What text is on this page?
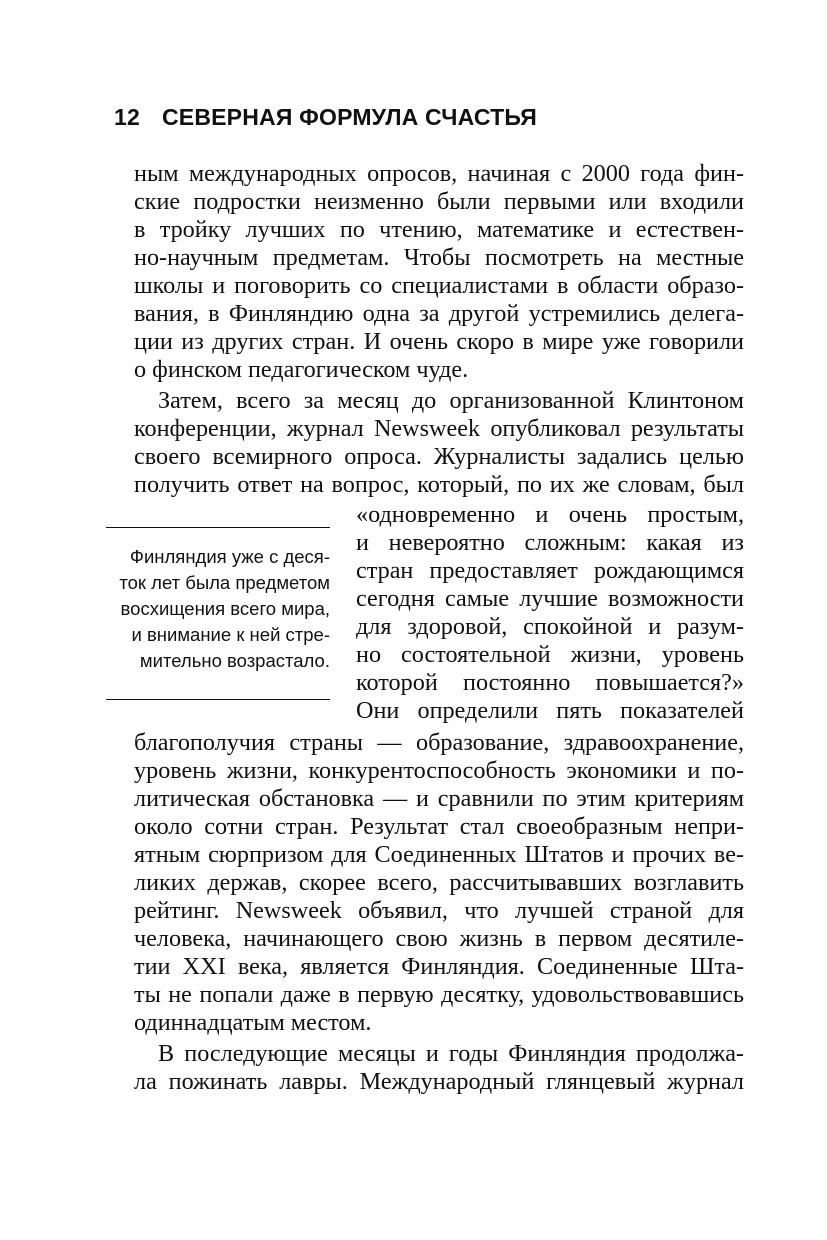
12 СЕВЕРНАЯ ФОРМУЛА СЧАСТЬЯ
ным международных опросов, начиная с 2000 года фин-
ские подростки неизменно были первыми или входили
в тройку лучших по чтению, математике и естествен-
но-научным предметам. Чтобы посмотреть на местные
школы и поговорить со специалистами в области образо-
вания, в Финляндию одна за другой устремились делега-
ции из других стран. И очень скоро в мире уже говорили
о финском педагогическом чуде.
Затем, всего за месяц до организованной Клинтоном
конференции, журнал Newsweek опубликовал результаты
своего всемирного опроса. Журналисты задались целью
получить ответ на вопрос, который, по их же словам, был
«одновременно и очень простым,
и невероятно сложным: какая из
стран предоставляет рождающимся
сегодня самые лучшие возможности
для здоровой, спокойной и разум-
но состоятельной жизни, уровень
которой постоянно повышается?»
Они определили пять показателей
благополучия страны — образование, здравоохранение,
уровень жизни, конкурентоспособность экономики и по-
литическая обстановка — и сравнили по этим критериям
около сотни стран. Результат стал своеобразным непри-
ятным сюрпризом для Соединенных Штатов и прочих ве-
ликих держав, скорее всего, рассчитывавших возглавить
рейтинг. Newsweek объявил, что лучшей страной для
человека, начинающего свою жизнь в первом десятиле-
тии XXI века, является Финляндия. Соединенные Шта-
ты не попали даже в первую десятку, удовольствовавшись
одиннадцатым местом.
В последующие месяцы и годы Финляндия продолжа-
ла пожинать лавры. Международный глянцевый журнал
Финляндия уже с деся-
ток лет была предметом
восхищения всего мира,
и внимание к ней стре-
мительно возрастало.
